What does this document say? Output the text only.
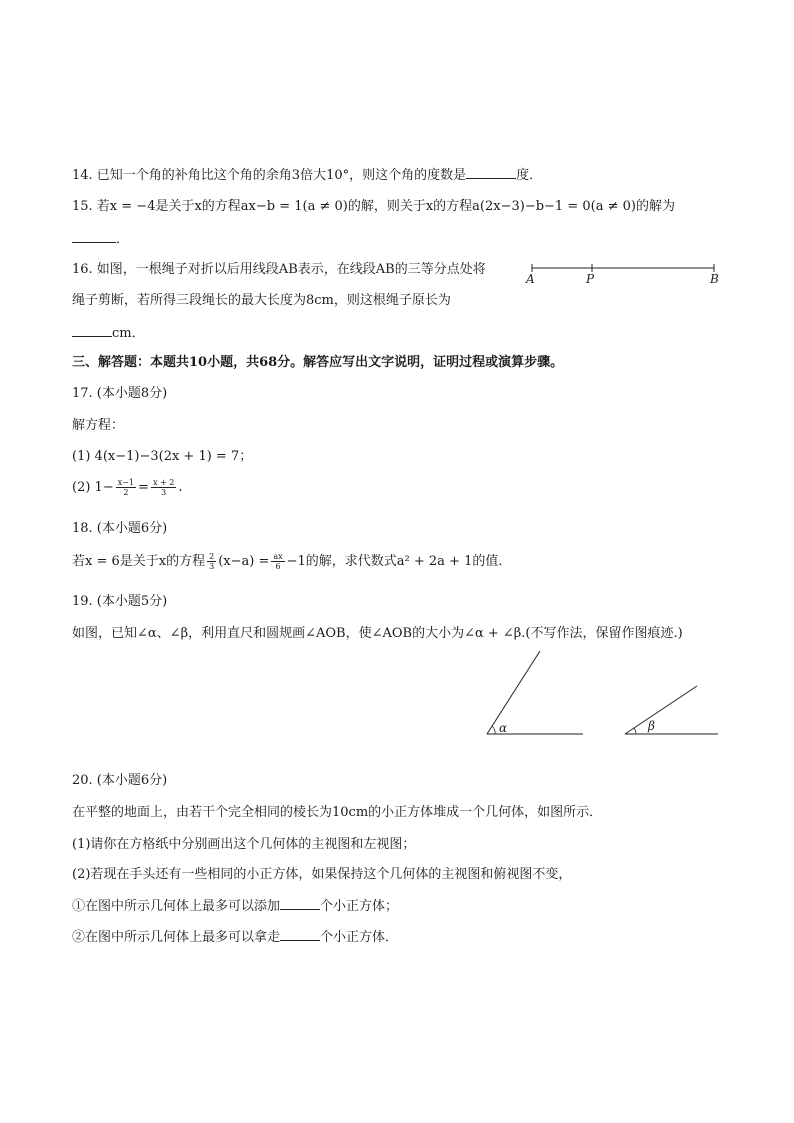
14. 已知一个角的补角比这个角的余角3倍大10°，则这个角的度数是	度．
15. 若x = −4是关于x的方程ax−b = 1(a ≠ 0)的解，则关于x的方程a(2x−3)−b−1 = 0(a ≠ 0)的解为
．
16. 如图，一根绳子对折以后用线段AB表示，在线段AB的三等分点处将
绳子剪断，若所得三段绳长的最大长度为8cm，则这根绳子原长为
cm．
A	P	B
三、解答题：本题共10小题，共68分。解答应写出文字说明，证明过程或演算步骤。
17. (本小题8分)
解方程：
(1) 4(x−1)−3(2x + 1) = 7；
(2) $1- \frac{x-1}{2} = \frac{x + 2}{3}$ .
18. (本小题6分)
若x = 6是关于x的方程 $\frac{2}{3} (x-a) = \frac{ax}{6} -1$的解，求代数式a² + 2a + 1的值．
19. (本小题5分)
如图，已知∠α、∠β，利用直尺和圆规画∠AOB，使∠AOB的大小为∠α + ∠β.(不写作法，保留作图痕迹.)
α	β
20. (本小题6分)
在平整的地面上，由若干个完全相同的棱长为10cm的小正方体堆成一个几何体，如图所示．
(1)请你在方格纸中分别画出这个几何体的主视图和左视图；
(2)若现在手头还有一些相同的小正方体，如果保持这个几何体的主视图和俯视图不变，
①在图中所示几何体上最多可以添加	个小正方体；
②在图中所示几何体上最多可以拿走	个小正方体．
